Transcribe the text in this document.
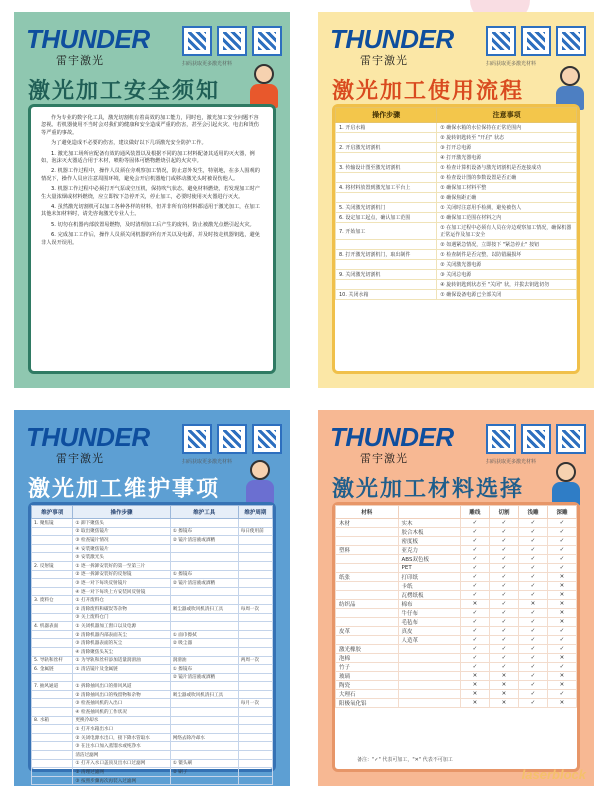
THUNDER
雷宇激光	扫码获取更多激光材料
激光加工安全须知

作为专业的数字化工具，激光切割机有着高效的加工能力，同时也，激光加工安全问题不容忽视。若机器使用不当时会对我们的健康和安全造成严重的伤害，甚至会引起火灾、电击和烫伤等严重的事故。

为了避免造成不必要的伤害，建议做好以下几项激光安全防护工作。

1. 激光加工场所应配备有效的通风装置以及根据不同的加工材料配备其适用的灭火器，例如，泡沫灭火器适合用于木材，喷粉等固体可燃物燃烧引起的火灾中。

2. 机器工作过程中，操作人员须在旁观察加工情况，防止意外发生，特别地，在多人围观的情况下，操作人员应注意周围环境，避免会开启机器舱门或移动激光头时被误伤他人。

3. 机器工作过程中必须打开气泵或空压机，保持吹气状态，避免材料燃烧，若发现加工时产生大量浓烟或材料燃烧，应立即按下急停开关，停止加工，必要时使用灭火器进行灭火。

4. 虽然激光切割机可以加工各种各样的材料，但并非所有的材料都适用于激光加工，在加工其他未知材料时，请先咨询激光专业人士。

5. 切勿在机器内部放置易燃物，及时清理加工后产生的废料，防止被激光点燃引起火灾。

6. 完成加工工作后，操作人员须关闭机器的所有开关以及电源，并及时按走机器钥匙，避免非人误开误用。

THUNDER
雷宇激光	扫码获取更多激光材料
激光加工使用流程
操作步骤	注意事项
1. 开启水箱	① 确保水箱的水位保持在正常范围内
	② 旋转钥匙转至 "开启" 状态
2. 开启激光切割机	③ 打开总电源
	④ 打开激光器电源
3. 传输设计图至激光切割机	① 检查计算机设备与激光切割机是否连接成功
	② 检查设计图的参数设置是否正确
4. 将材料放置到激光加工平台上	① 确保加工材料平整
	② 确保焦距正确
5. 关闭激光切割机门	① 关闭时注意用手检测，避免被伤人
6. 设定加工起点，确认加工范围	① 确保加工范围在材料之内
7. 开始加工	① 在加工过程中必须有人员在旁边观察加工情况，确保机器正常运作及加工安全
	② 如遇紧急情况，立即按下 "紧急停止" 按钮
8. 打开激光切割机门，取出制件	① 检查制件是否完整，以防错漏损坏
	② 关闭激光器电源
9. 关闭激光切割机	③ 关闭总电源
	④ 旋转钥匙到状态至 "关闭" 状，并拔去钥匙切勿
10. 关闭水箱	① 确保设备电源已全部关闭
THUNDER
雷宇激光	扫码获取更多激光材料
激光加工维护事项
维护事项	操作步骤	维护工具	维护周期
1. 聚焦镜	① 卸下聚焦头		
	② 取出聚焦镜片	① 擦镜布	每日使用前
	③ 检查镜片情况	② 镜片清洁液或酒精	
	④ 安装聚焦镜片		
	⑤ 安装激光头		
2. 反射镜	① 逐一拆卸安装好的第一至第三片		
	② 逐一拆卸安装好的反射镜	① 擦镜布	
	③ 逐一对下每块反射镜片	② 镜片清洁液或酒精	
	④ 逐一对下每块上方安装回反射镜		
3. 废料仓	① 打开废料仓		
	② 清除废料和碳炭等杂物	吸尘器或吹风机清扫工具	每周一次
	③ 关上废料仓门		
4. 机器表面	① 关闭机器加工窗口以及电源		
	② 清除机器内部表面灰尘	① 面巾擦拭	
	③ 清除机器表面的灰尘	② 吸尘器	
	④ 清除聚焦头灰尘		
5. 导轨和丝杆	① 为导轨和丝杆添加适量润滑油	润滑油	两周一次
6. 金属链	① 清洁镜片及金属链	① 擦镜布	
		② 镜片清洁液或酒精	
7. 抽风通道	① 拆除抽风出口的排风风道		
	② 清除抽风出口的残留物和杂物	吸尘器或吹风机清扫工具	
	③ 检查抽风机的入出口		每月一次
	④ 检查抽风机的工作状况		
8. 水箱	更换冷却水		
	① 打开水箱出水口		
	② 关闭电源水出口，接下降水管取水	网络去除冷却水	
	③ 在注水口加入蒸馏水或纯净水		
	清洁过滤网		
	① 打开入水口盖顶及出水口过滤网	① 镊头刷	
	② 清理过滤网	② 刷子	
	③ 按照步骤再次再装入过滤网		
THUNDER
雷宇激光	扫码获取更多激光材料
激光加工材料选择
材料		雕线	切割	浅雕	深雕
木材	实木	✓	✓	✓	✓
	胶合木板	✓	✓	✓	✓
	密度板	✓	✓	✓	✓
塑料	亚克力	✓	✓	✓	✓
	ABS双色板	✓	✓	✓	✓
	PET	✓	✓	✓	✓
纸张	打印纸	✓	✓	✓	✕
	卡纸	✓	✓	✓	✕
	瓦楞纸板	✓	✓	✓	✕
纺织品	棉布	✕	✓	✕	✕
	牛仔布	✓	✓	✓	✕
	毛毡布	✓	✓	✓	✕
皮革	真皮	✓	✓	✓	✓
	人造革	✓	✓	✓	✓
激光橡胶		✓	✓	✓	✓
泡棉		✓	✓	✓	✕
竹子		✓	✓	✓	✓
玻璃		✕	✕	✓	✕
陶瓷		✕	✕	✓	✕
大理石		✕	✕	✓	✓
阳极氧化铝		✕	✕	✓	✕
备注："✓" 代表可加工，"✕" 代表不可加工
laserblock
